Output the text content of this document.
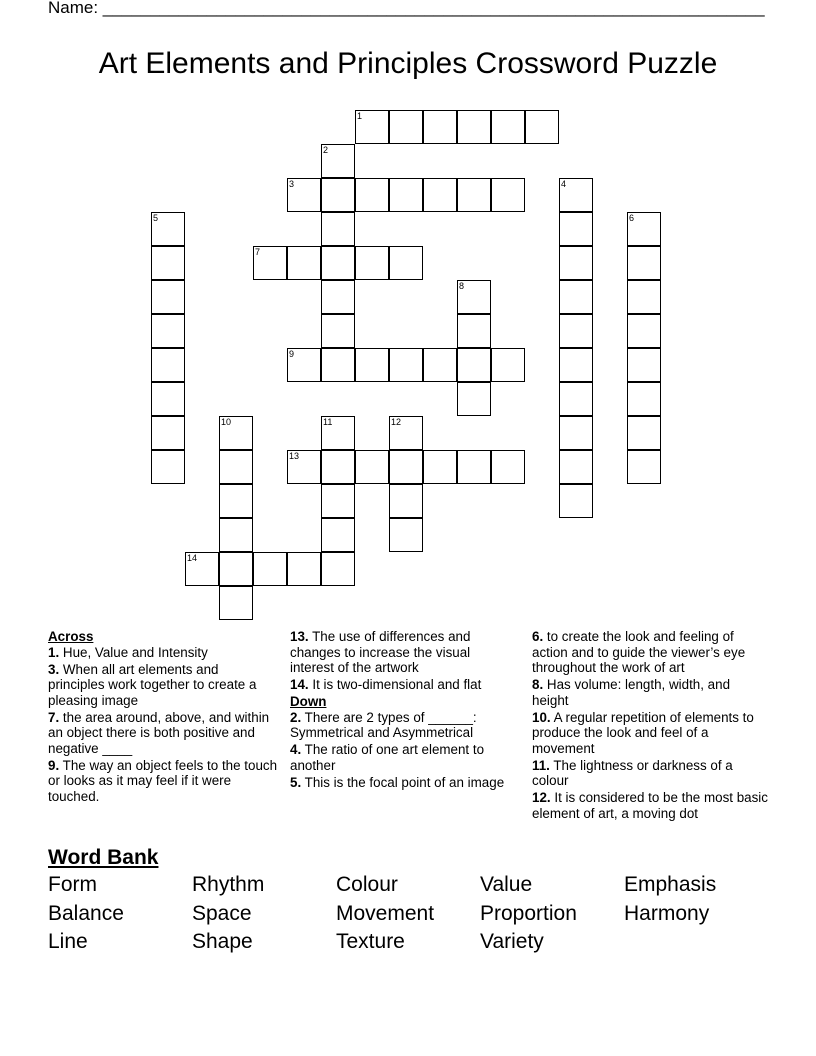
Name: ______________________________________________________________________
Art Elements and Principles Crossword Puzzle
1
2
3	4
5	6
7
8
9
10	11	12
13
14
Across
1. Hue, Value and Intensity
3. When all art elements and principles work together to create a pleasing image
7. the area around, above, and within an object there is both positive and negative ____
9. The way an object feels to the touch or looks as it may feel if it were touched.
13. The use of differences and changes to increase the visual interest of the artwork
14. It is two-dimensional and flat
Down
2. There are 2 types of ______: Symmetrical and Asymmetrical
4. The ratio of one art element to another
5. This is the focal point of an image
6. to create the look and feeling of action and to guide the viewer’s eye throughout the work of art
8. Has volume: length, width, and height
10. A regular repetition of elements to produce the look and feel of a movement
11. The lightness or darkness of a colour
12. It is considered to be the most basic element of art, a moving dot
Word Bank
Form	Rhythm	Colour	Value	Emphasis
Balance	Space	Movement Proportion Harmony
Line	Shape	Texture	Variety
